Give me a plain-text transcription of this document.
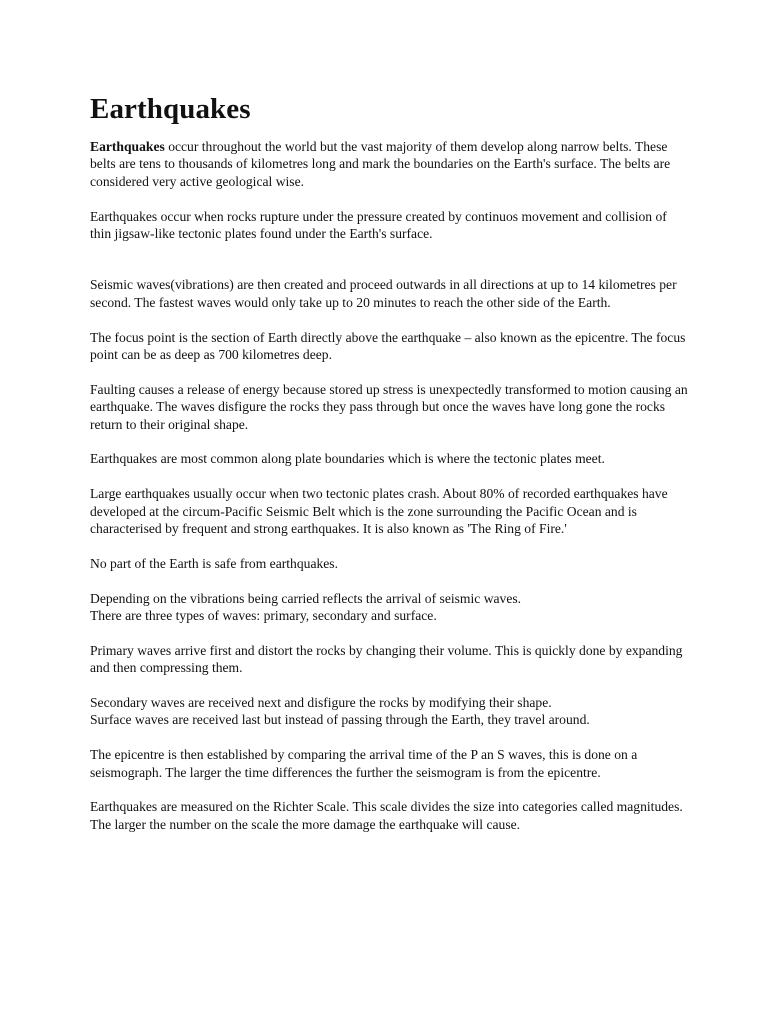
Earthquakes

Earthquakes occur throughout the world but the vast majority of them develop along narrow belts. These belts are tens to thousands of kilometres long and mark the boundaries on the Earth's surface. The belts are considered very active geological wise.

Earthquakes occur when rocks rupture under the pressure created by continuos movement and collision of thin jigsaw-like tectonic plates found under the Earth's surface.

Seismic waves(vibrations) are then created and proceed outwards in all directions at up to 14 kilometres per second. The fastest waves would only take up to 20 minutes to reach the other side of the Earth.

The focus point is the section of Earth directly above the earthquake – also known as the epicentre. The focus point can be as deep as 700 kilometres deep.

Faulting causes a release of energy because stored up stress is unexpectedly transformed to motion causing an earthquake. The waves disfigure the rocks they pass through but once the waves have long gone the rocks return to their original shape.

Earthquakes are most common along plate boundaries which is where the tectonic plates meet.

Large earthquakes usually occur when two tectonic plates crash. About 80% of recorded earthquakes have developed at the circum-Pacific Seismic Belt which is the zone surrounding the Pacific Ocean and is characterised by frequent and strong earthquakes. It is also known as 'The Ring of Fire.'

No part of the Earth is safe from earthquakes.

Depending on the vibrations being carried reflects the arrival of seismic waves.

There are three types of waves: primary, secondary and surface.

Primary waves arrive first and distort the rocks by changing their volume. This is quickly done by expanding and then compressing them.

Secondary waves are received next and disfigure the rocks by modifying their shape.

Surface waves are received last but instead of passing through the Earth, they travel around.

The epicentre is then established by comparing the arrival time of the P an S waves, this is done on a seismograph. The larger the time differences the further the seismogram is from the epicentre.

Earthquakes are measured on the Richter Scale. This scale divides the size into categories called magnitudes. The larger the number on the scale the more damage the earthquake will cause.
